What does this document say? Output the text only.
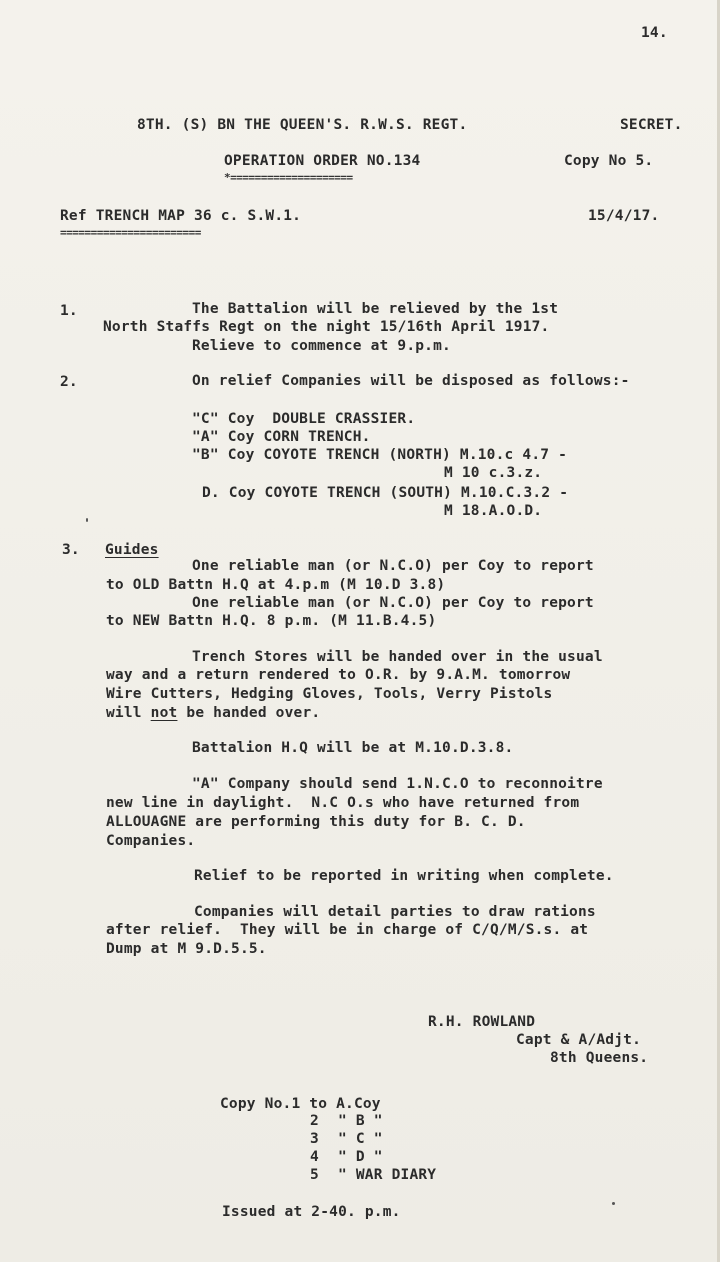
14.
8TH. (S) BN THE QUEEN'S. R.W.S. REGT.	SECRET.
OPERATION ORDER NO.134
*====================
Copy No 5.
Ref TRENCH MAP 36 c. S.W.1.
=======================
15/4/17.
1.	The Battalion will be relieved by the 1st
North Staffs Regt on the night 15/16th April 1917.
Relieve to commence at 9.p.m.
2.	On relief Companies will be disposed as follows:-
"C" Coy  DOUBLE CRASSIER.
"A" Coy CORN TRENCH.
"B" Coy COYOTE TRENCH (NORTH) M.10.c 4.7 -
M 10 c.3.z.
D. Coy COYOTE TRENCH (SOUTH) M.10.C.3.2 -
M 18.A.O.D.
3. Guides
One reliable man (or N.C.O) per Coy to report
to OLD Battn H.Q at 4.p.m (M 10.D 3.8)
One reliable man (or N.C.O) per Coy to report
to NEW Battn H.Q. 8 p.m. (M 11.B.4.5)
Trench Stores will be handed over in the usual
way and a return rendered to O.R. by 9.A.M. tomorrow
Wire Cutters, Hedging Gloves, Tools, Verry Pistols
will not be handed over.
Battalion H.Q will be at M.10.D.3.8.
"A" Company should send 1.N.C.O to reconnoitre
new line in daylight.  N.C O.s who have returned from
ALLOUAGNE are performing this duty for B. C. D.
Companies.
Relief to be reported in writing when complete.
Companies will detail parties to draw rations
after relief.  They will be in charge of C/Q/M/S.s. at
Dump at M 9.D.5.5.
R.H. ROWLAND
Capt & A/Adjt.
8th Queens.
Copy No.1 to A.Coy
2 " B "
3 " C "
4 " D "
5 " WAR DIARY
Issued at 2-40. p.m.
